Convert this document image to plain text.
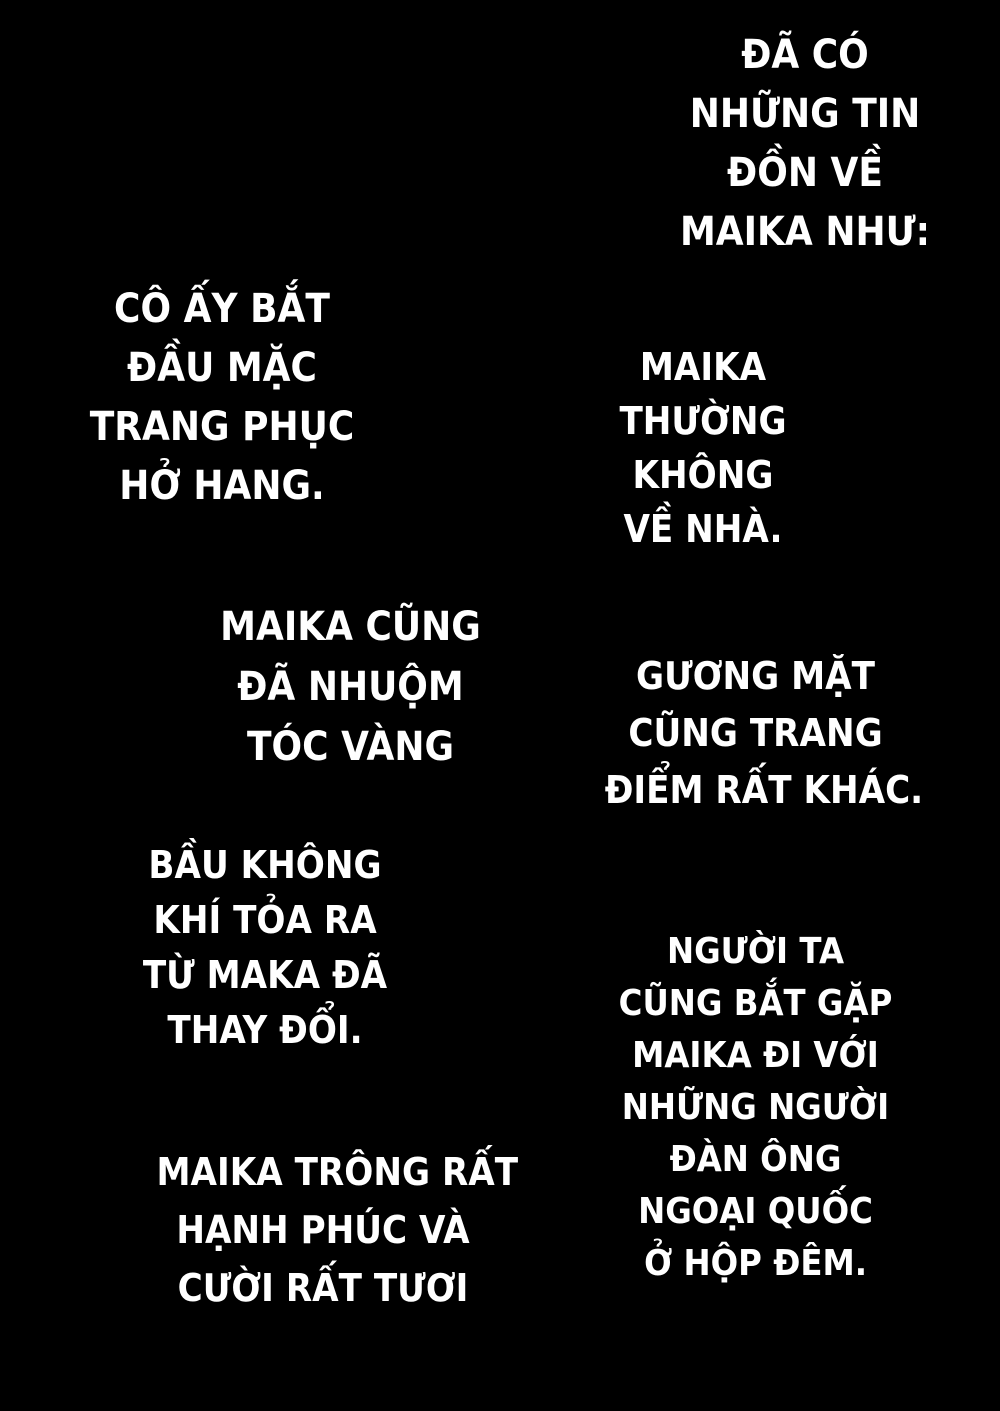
ĐÃ CÓ
NHỮNG TIN
ĐỒN VỀ
MAIKA NHƯ:
CÔ ẤY BẮT
ĐẦU MẶC
TRANG PHỤC
HỞ HANG.
MAIKA
THƯỜNG
KHÔNG
VỀ NHÀ.
MAIKA CŨNG
ĐÃ NHUỘM
TÓC VÀNG
GƯƠNG MẶT
CŨNG TRANG
ĐIỂM RẤT KHÁC.
BẦU KHÔNG
KHÍ TỎA RA
TỪ MAKA ĐÃ
THAY ĐỔI.
NGƯỜI TA
CŨNG BẮT GẶP
MAIKA ĐI VỚI
NHỮNG NGƯỜI
ĐÀN ÔNG
NGOẠI QUỐC
Ở HỘP ĐÊM.
MAIKA TRÔNG RẤT
HẠNH PHÚC VÀ
CƯỜI RẤT TƯƠI
